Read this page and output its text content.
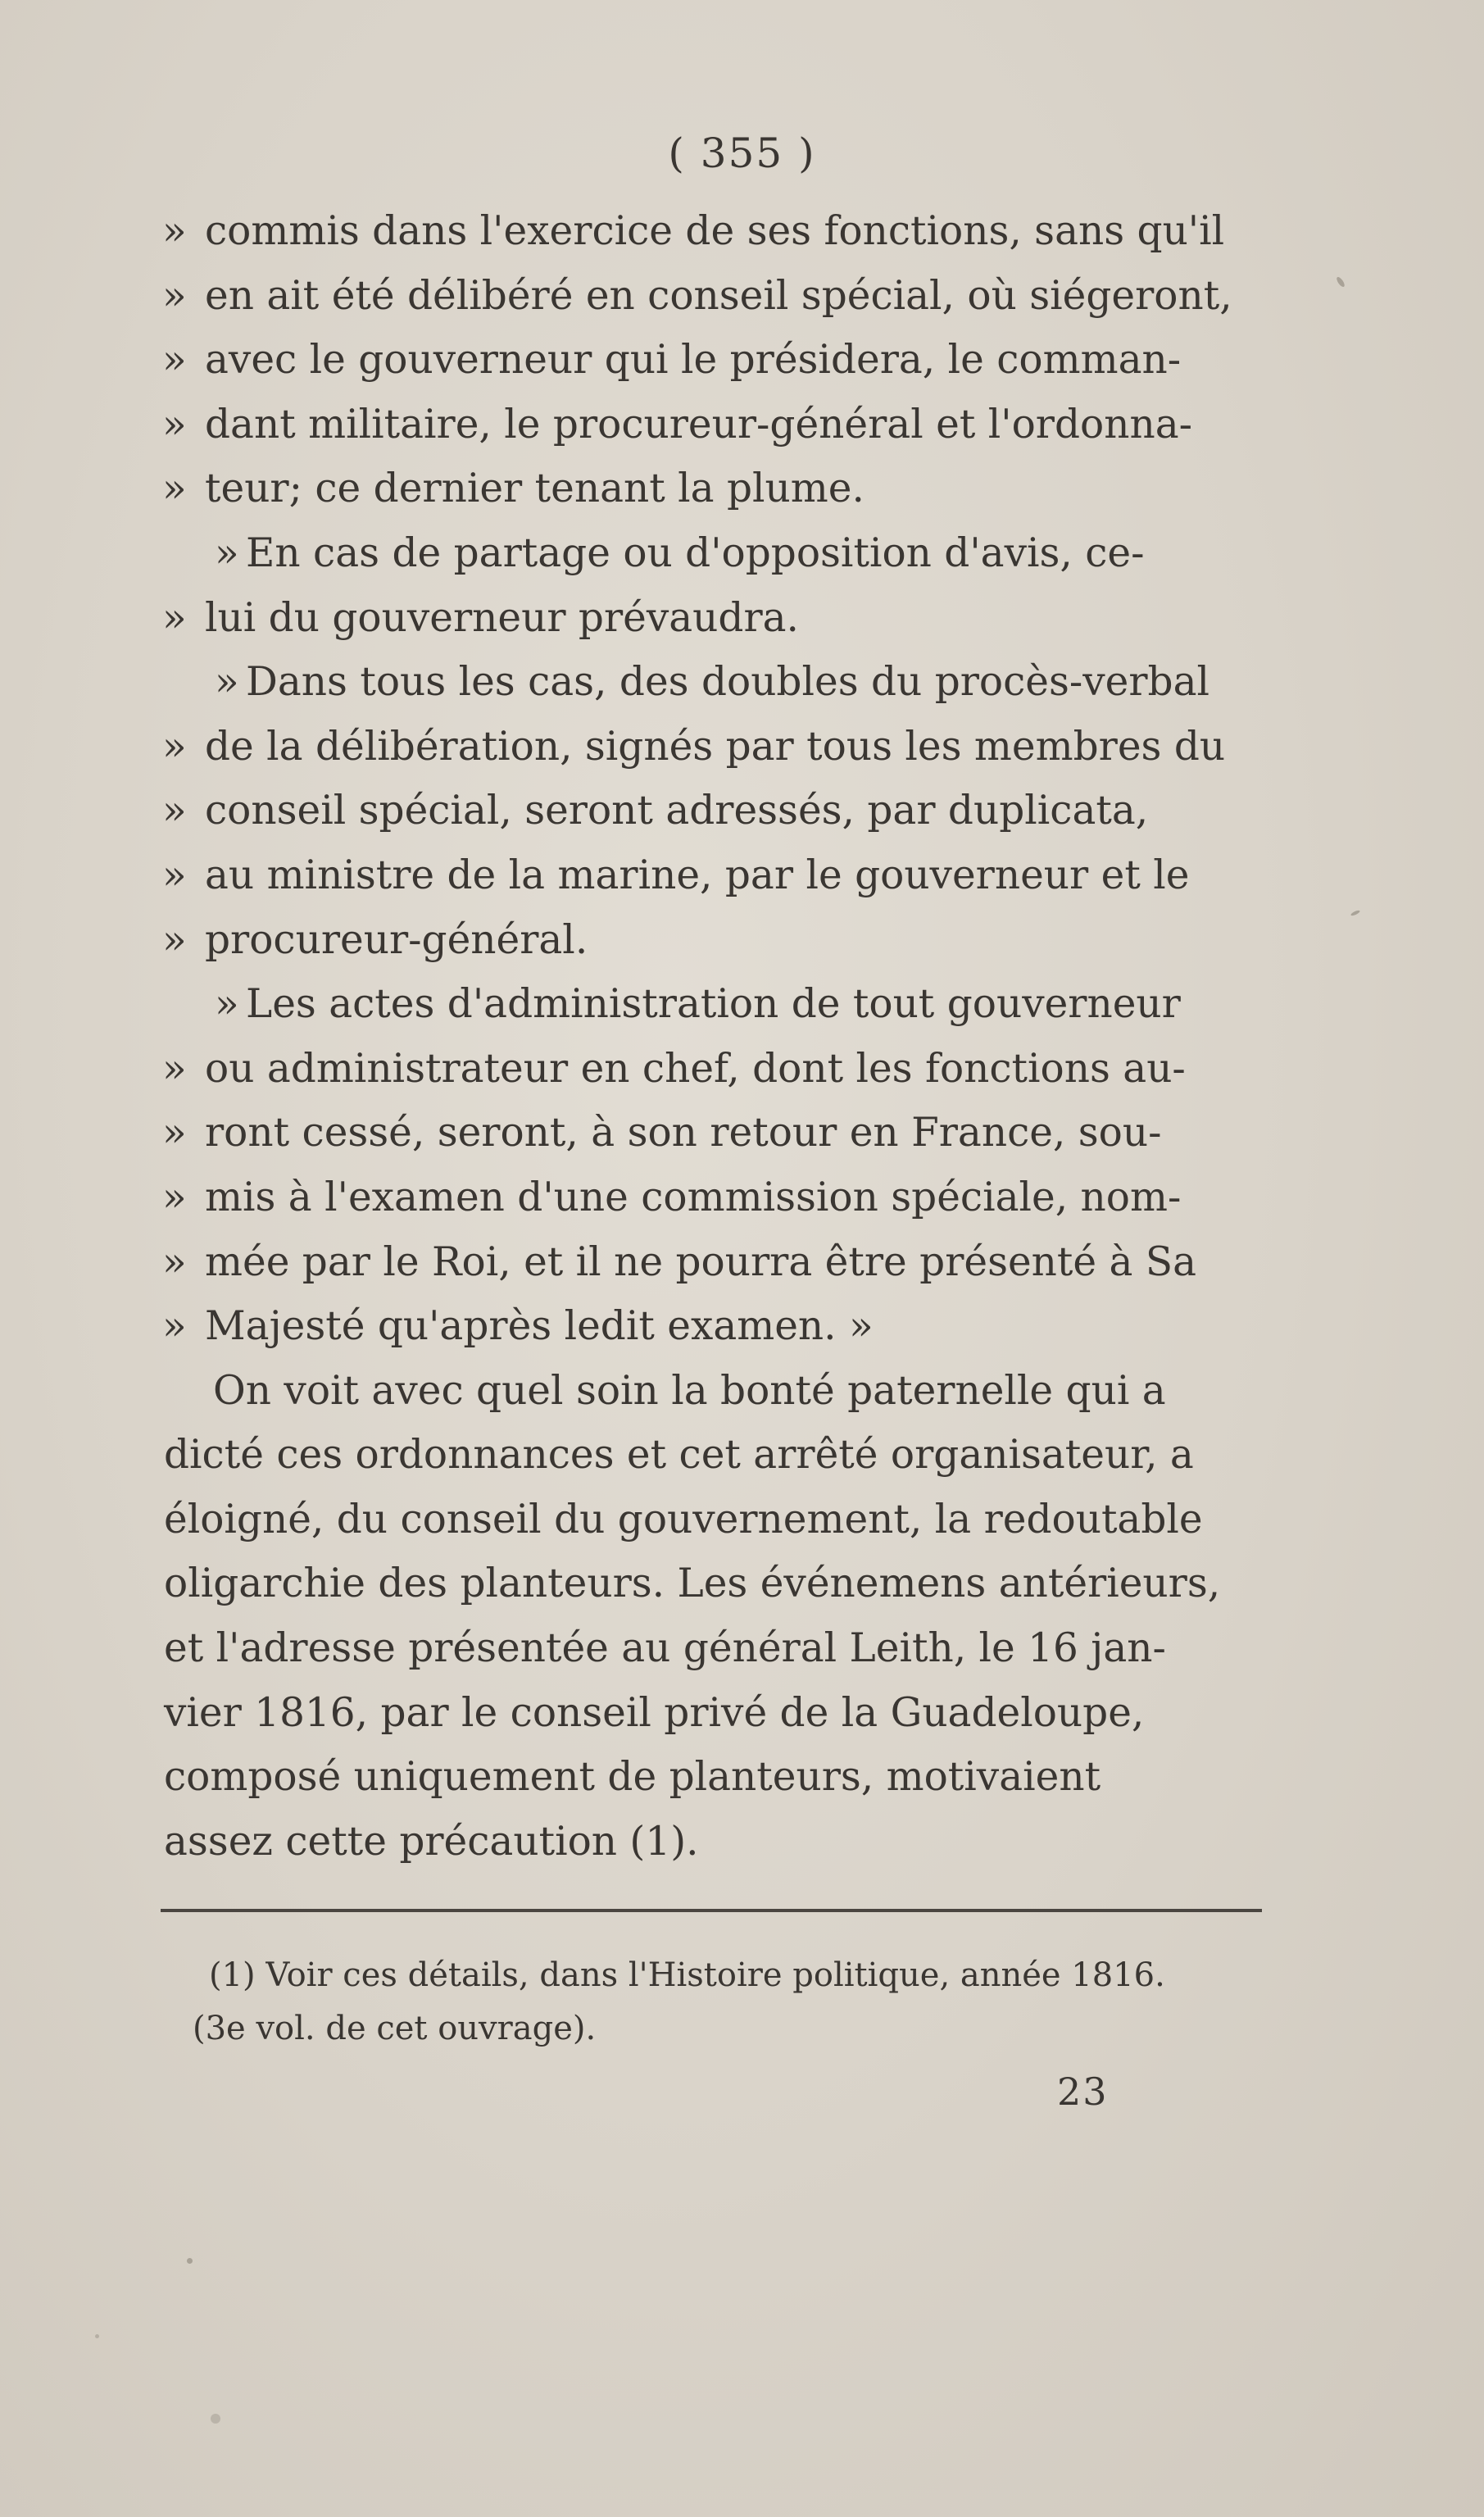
( 355 )
» commis dans l'exercice de ses fonctions, sans qu'il
» en ait été délibéré en conseil spécial, où siégeront,
» avec le gouverneur qui le présidera, le comman-
» dant militaire, le procureur-général et l'ordonna-
» teur; ce dernier tenant la plume.
» En cas de partage ou d'opposition d'avis, ce-
» lui du gouverneur prévaudra.
» Dans tous les cas, des doubles du procès-verbal
» de la délibération, signés par tous les membres du
» conseil spécial, seront adressés, par duplicata,
» au ministre de la marine, par le gouverneur et le
» procureur-général.
» Les actes d'administration de tout gouverneur
» ou administrateur en chef, dont les fonctions au-
» ront cessé, seront, à son retour en France, sou-
» mis à l'examen d'une commission spéciale, nom-
» mée par le Roi, et il ne pourra être présenté à Sa
» Majesté qu'après ledit examen. »
On voit avec quel soin la bonté paternelle qui a
dicté ces ordonnances et cet arrêté organisateur, a
éloigné, du conseil du gouvernement, la redoutable
oligarchie des planteurs. Les événemens antérieurs,
et l'adresse présentée au général Leith, le 16 jan-
vier 1816, par le conseil privé de la Guadeloupe,
composé uniquement de planteurs, motivaient
assez cette précaution (1).
(1) Voir ces détails, dans l'Histoire politique, année 1816.
(3e vol. de cet ouvrage).
23
